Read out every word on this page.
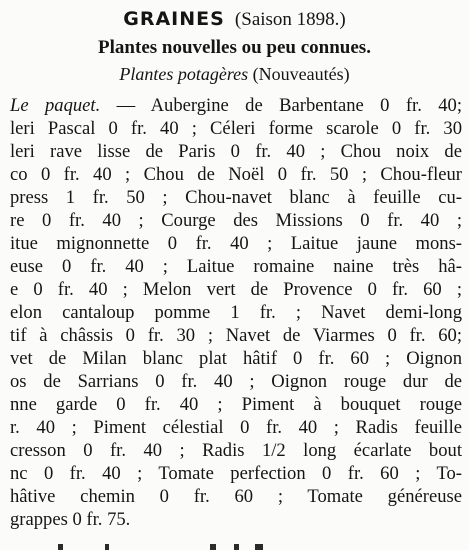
GRAINES (Saison 1898.)
Plantes nouvelles ou peu connues.
Plantes potagères (Nouveautés)
Le paquet. — Aubergine de Barbentane 0 fr. 40;
leri Pascal 0 fr. 40 ; Céleri forme scarole 0 fr. 30
leri rave lisse de Paris 0 fr. 40 ; Chou noix de
co 0 fr. 40 ; Chou de Noël 0 fr. 50 ; Chou-fleur
press 1 fr. 50 ; Chou-navet blanc à feuille cu-
re 0 fr. 40 ; Courge des Missions 0 fr. 40 ;
itue mignonnette 0 fr. 40 ; Laitue jaune mons-
euse 0 fr. 40 ; Laitue romaine naine très hâ-
e 0 fr. 40 ; Melon vert de Provence 0 fr. 60 ;
elon cantaloup pomme 1 fr. ; Navet demi-long
tif à châssis 0 fr. 30 ; Navet de Viarmes 0 fr. 60;
vet de Milan blanc plat hâtif 0 fr. 60 ; Oignon
os de Sarrians 0 fr. 40 ; Oignon rouge dur de
nne garde 0 fr. 40 ; Piment à bouquet rouge
r. 40 ; Piment célestial 0 fr. 40 ; Radis feuille
cresson 0 fr. 40 ; Radis 1/2 long écarlate bout
nc 0 fr. 40 ; Tomate perfection 0 fr. 60 ; To-
hâtive chemin 0 fr. 60 ; Tomate généreuse
grappes 0 fr. 75.
